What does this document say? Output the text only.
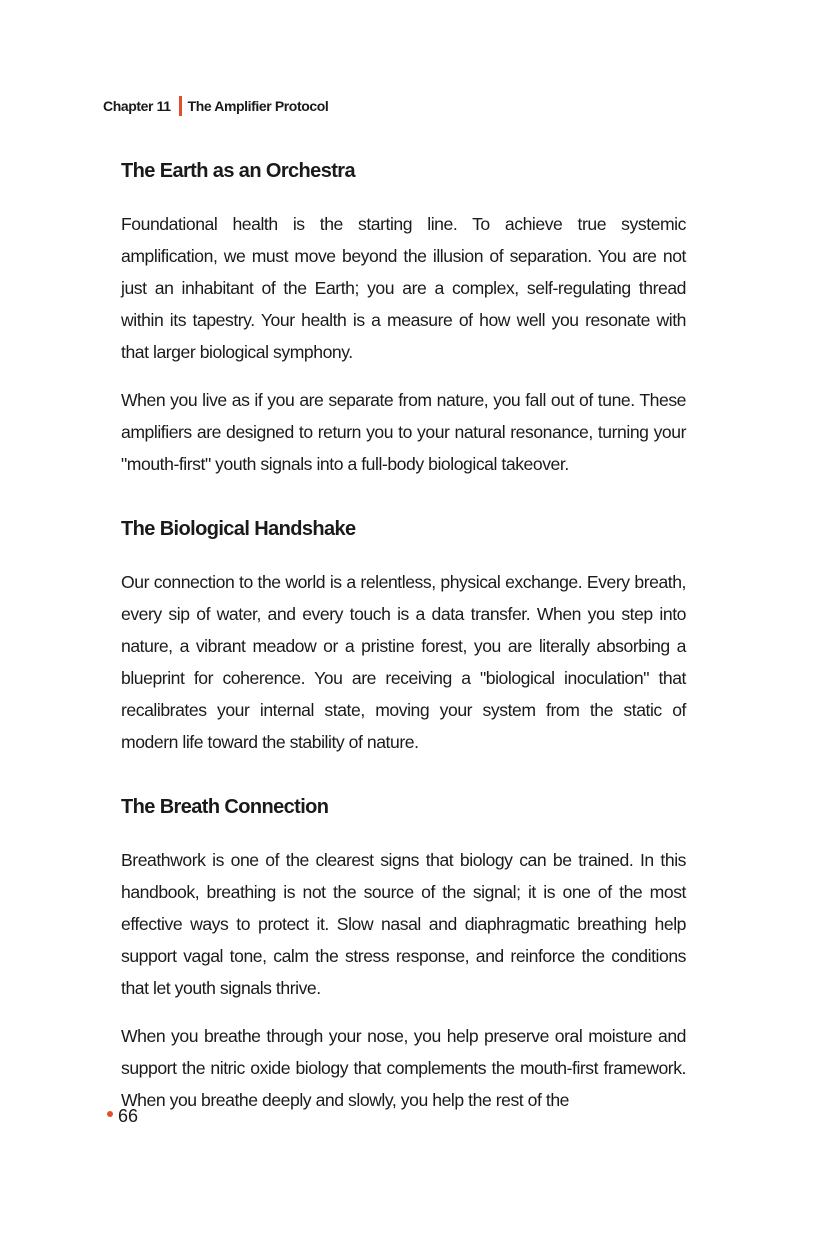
Chapter 11 The Amplifier Protocol
The Earth as an Orchestra

Foundational health is the starting line. To achieve true systemic amplification, we must move beyond the illusion of separation. You are not just an inhabitant of the Earth; you are a complex, self-regulating thread within its tapestry. Your health is a measure of how well you resonate with that larger biological symphony.

When you live as if you are separate from nature, you fall out of tune. These amplifiers are designed to return you to your natural resonance, turning your "mouth-first" youth signals into a full-body biological takeover.

The Biological Handshake

Our connection to the world is a relentless, physical exchange. Every breath, every sip of water, and every touch is a data transfer. When you step into nature, a vibrant meadow or a pristine forest, you are literally absorbing a blueprint for coherence. You are receiving a "biological inoculation" that recalibrates your internal state, moving your system from the static of modern life toward the stability of nature.

The Breath Connection

Breathwork is one of the clearest signs that biology can be trained. In this handbook, breathing is not the source of the signal; it is one of the most effective ways to protect it. Slow nasal and diaphragmatic breathing help support vagal tone, calm the stress response, and reinforce the conditions that let youth signals thrive.

When you breathe through your nose, you help preserve oral moisture and support the nitric oxide biology that complements the mouth-first framework. When you breathe deeply and slowly, you help the rest of the

66
